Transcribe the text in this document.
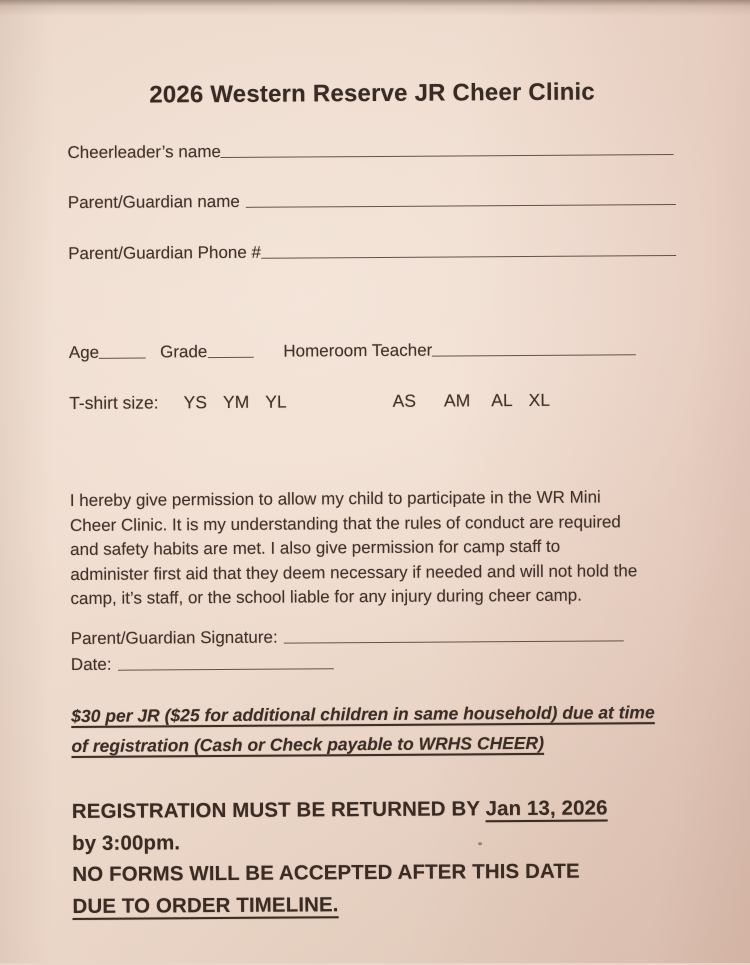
2026 Western Reserve JR Cheer Clinic
Cheerleader’s name
Parent/Guardian name
Parent/Guardian Phone #
Age	Grade	Homeroom Teacher
T-shirt size: YS YM YL	AS AM AL XL
I hereby give permission to allow my child to participate in the WR Mini
Cheer Clinic. It is my understanding that the rules of conduct are required
and safety habits are met. I also give permission for camp staff to
administer first aid that they deem necessary if needed and will not hold the
camp, it’s staff, or the school liable for any injury during cheer camp.
Parent/Guardian Signature:
Date:
$30 per JR ($25 for additional children in same household) due at time
of registration (Cash or Check payable to WRHS CHEER)
REGISTRATION MUST BE RETURNED BY Jan 13, 2026
by 3:00pm.
NO FORMS WILL BE ACCEPTED AFTER THIS DATE
DUE TO ORDER TIMELINE.
